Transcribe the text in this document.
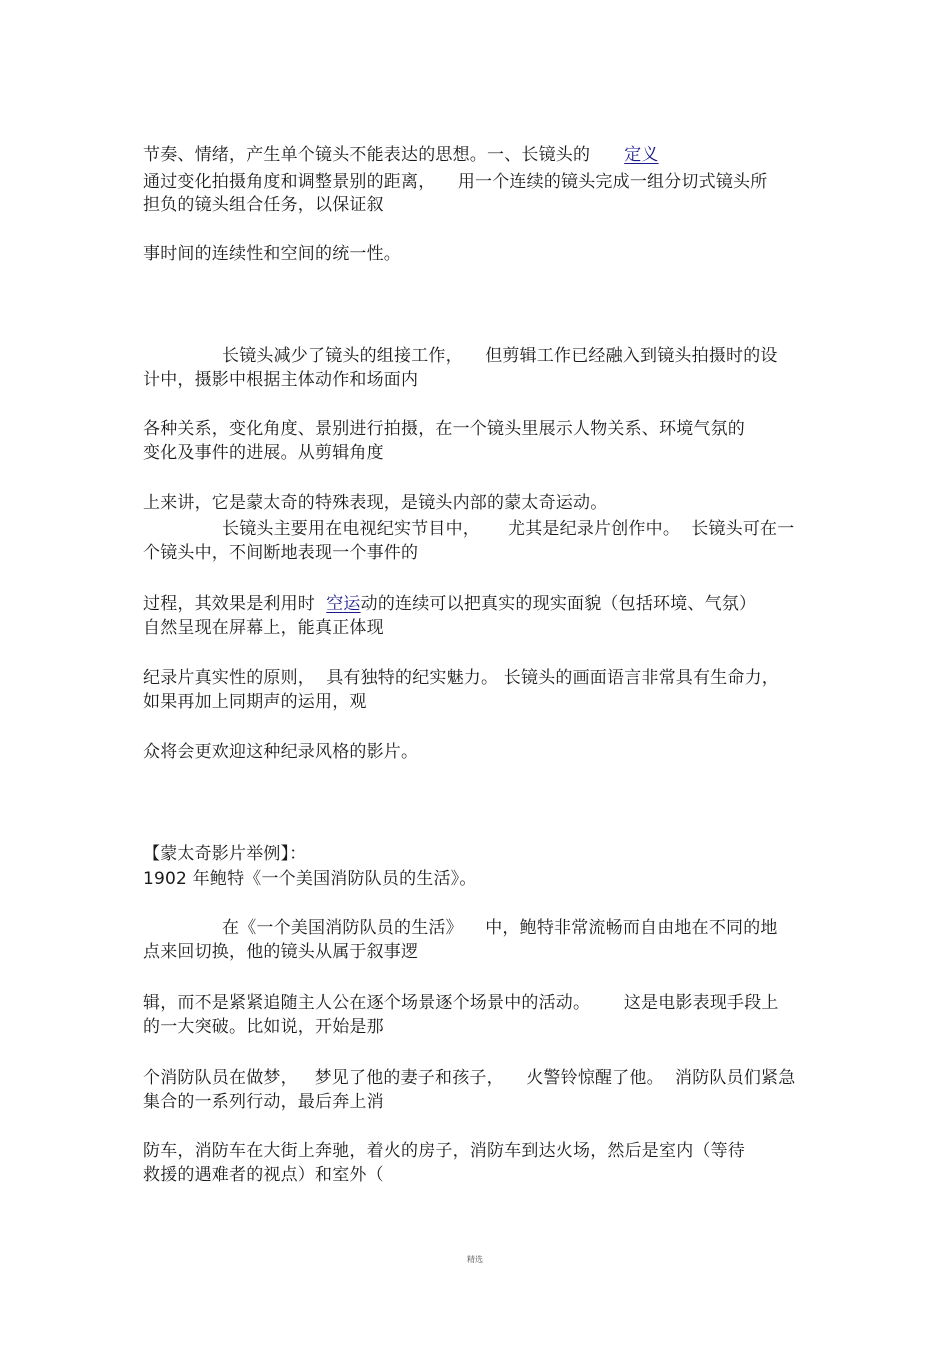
节奏、情绪，产生单个镜头不能表达的思想。一、长镜头的 定义
通过变化拍摄角度和调整景别的距离，    用一个连续的镜头完成一组分切式镜头所
担负的镜头组合任务，以保证叙
事时间的连续性和空间的统一性。
长镜头减少了镜头的组接工作，    但剪辑工作已经融入到镜头拍摄时的设
计中，摄影中根据主体动作和场面内
各种关系，变化角度、景别进行拍摄，在一个镜头里展示人物关系、环境气氛的
变化及事件的进展。从剪辑角度
上来讲，它是蒙太奇的特殊表现，是镜头内部的蒙太奇运动。
长镜头主要用在电视纪实节目中，     尤其是纪录片创作中。  长镜头可在一
个镜头中，不间断地表现一个事件的
过程，其效果是利用时  空运动的连续可以把真实的现实面貌（包括环境、气氛）
自然呈现在屏幕上，能真正体现
纪录片真实性的原则，  具有独特的纪实魅力。 长镜头的画面语言非常具有生命力，
如果再加上同期声的运用，观
众将会更欢迎这种纪录风格的影片。
【蒙太奇影片举例】：
1902 年鲍特《一个美国消防队员的生活》。
在《一个美国消防队员的生活》    中，鲍特非常流畅而自由地在不同的地
点来回切换，他的镜头从属于叙事逻
辑，而不是紧紧追随主人公在逐个场景逐个场景中的活动。      这是电影表现手段上
的一大突破。比如说，开始是那
个消防队员在做梦，   梦见了他的妻子和孩子，    火警铃惊醒了他。  消防队员们紧急
集合的一系列行动，最后奔上消
防车，消防车在大街上奔驰，着火的房子，消防车到达火场，然后是室内（等待
救援的遇难者的视点）和室外（
精选
